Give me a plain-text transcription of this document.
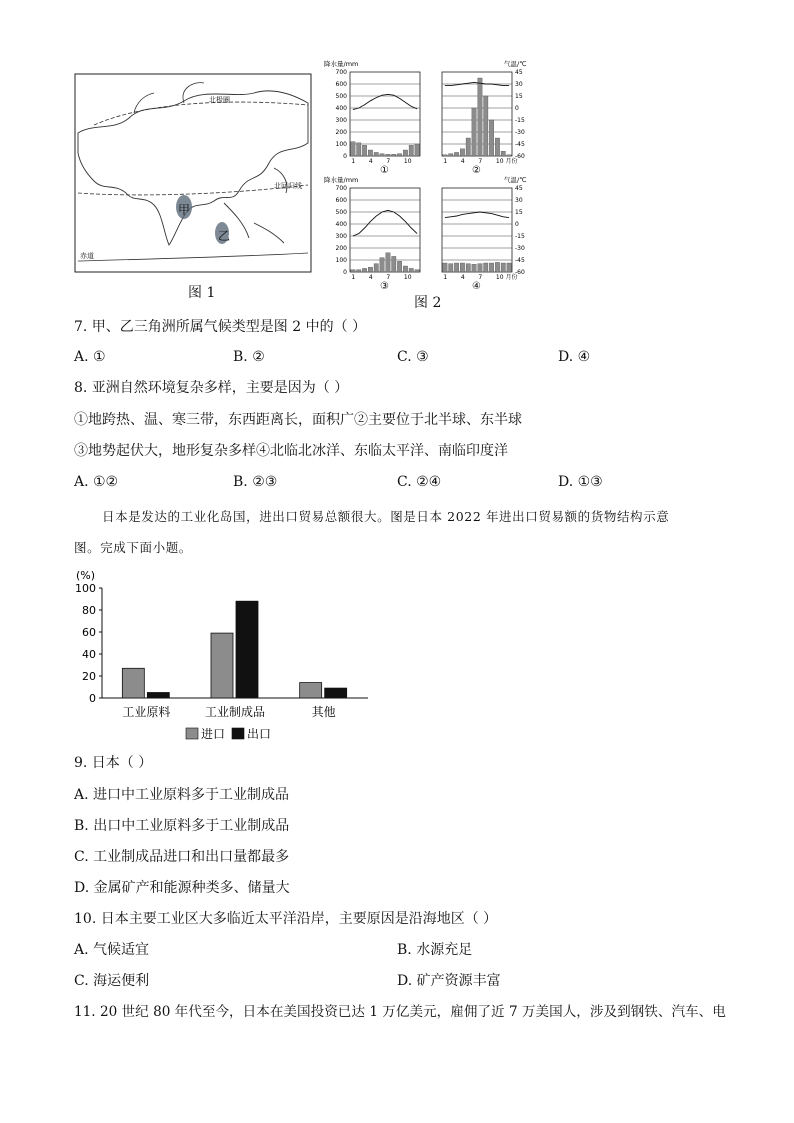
北极圈
北回归线
赤道
甲
乙
图 1
降水量/mm
700
600
500
400
300
200
100
0
1 4 7 10
①
气温/℃
45
30
15
0
-15
-30
-45
-60
1 4 7 10 月份
②
降水量/mm
700
600
500
400
300
200
100
0
1 4 7 10
③
气温/℃
45
30
15
0
-15
-30
-45
-60
1 4 7 10 月份
④
图 2
7. 甲、乙三角洲所属气候类型是图 2 中的（ ）
A. ①	B. ②	C. ③	D. ④
8. 亚洲自然环境复杂多样，主要是因为（ ）
①地跨热、温、寒三带，东西距离长，面积广②主要位于北半球、东半球
③地势起伏大，地形复杂多样④北临北冰洋、东临太平洋、南临印度洋
A. ①②	B. ②③	C. ②④	D. ①③
日本是发达的工业化岛国，进出口贸易总额很大。图是日本 2022 年进出口贸易额的货物结构示意
图。完成下面小题。
(%)
100
80
60
40
20
0
工业原料	工业制成品	其他
进口 出口
9. 日本（ ）
A. 进口中工业原料多于工业制成品
B. 出口中工业原料多于工业制成品
C. 工业制成品进口和出口量都最多
D. 金属矿产和能源种类多、储量大
10. 日本主要工业区大多临近太平洋沿岸，主要原因是沿海地区（ ）
A. 气候适宜	B. 水源充足
C. 海运便利	D. 矿产资源丰富
11. 20 世纪 80 年代至今，日本在美国投资已达 1 万亿美元，雇佣了近 7 万美国人，涉及到钢铁、汽车、电
